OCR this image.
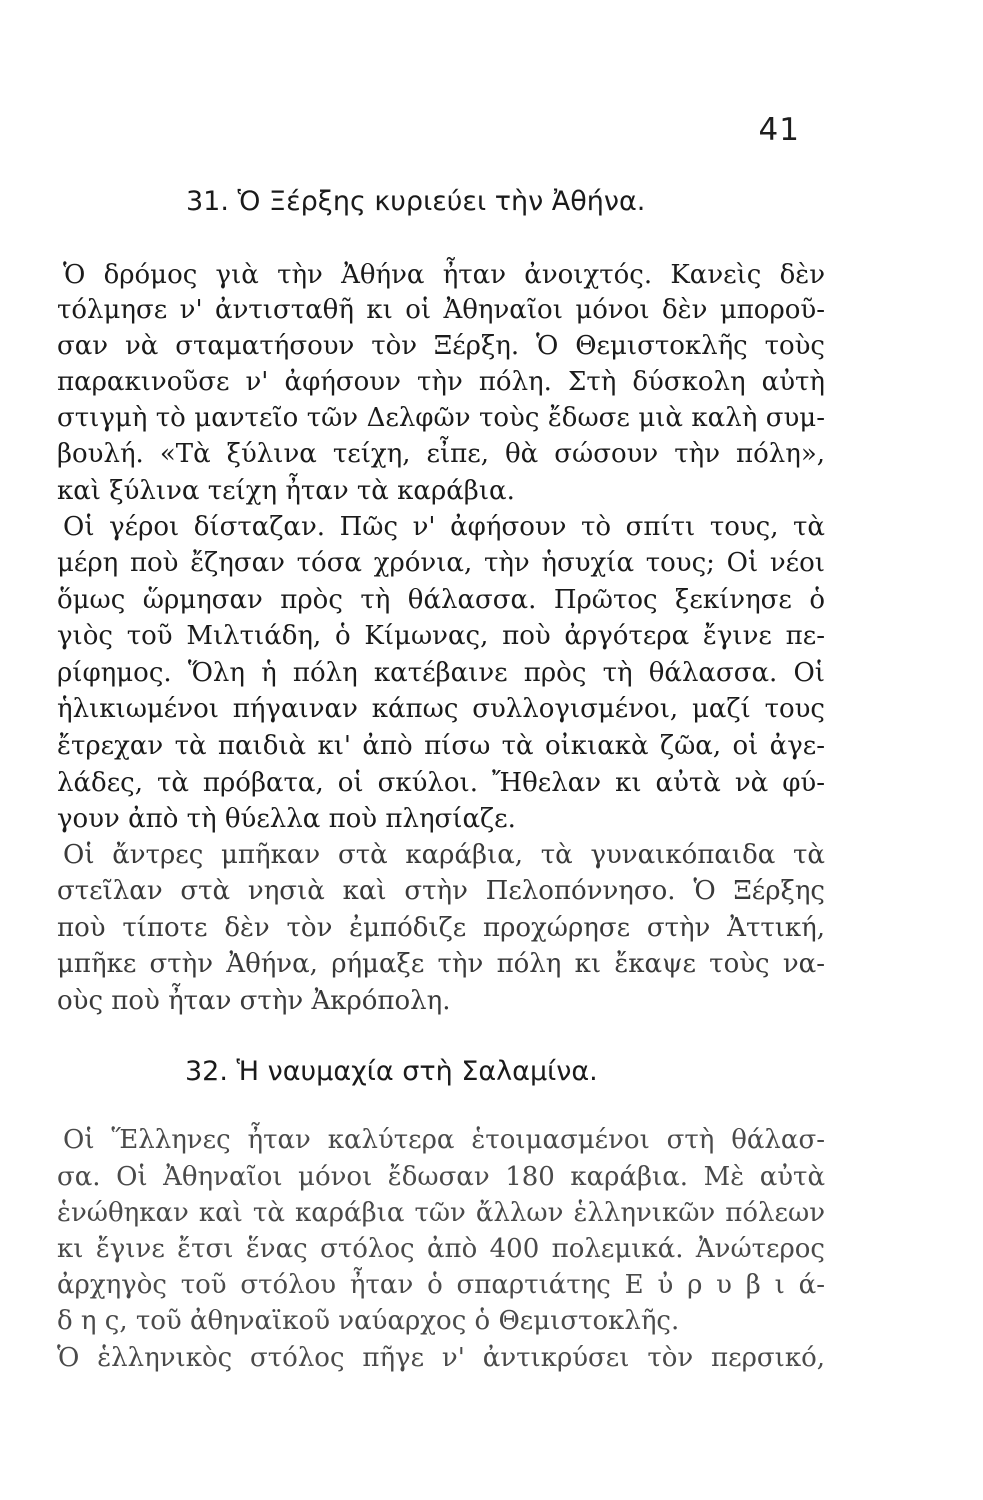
41
31. Ὁ Ξέρξης κυριεύει τὴν Ἀθήνα.
Ὁ δρόμος γιὰ τὴν Ἀθήνα ἦταν ἀνοιχτός. Κανεὶς δὲν
τόλμησε ν' ἀντισταθῆ κι οἱ Ἀθηναῖοι μόνοι δὲν μποροῦ-
σαν νὰ σταματήσουν τὸν Ξέρξη. Ὁ Θεμιστοκλῆς τοὺς
παρακινοῦσε ν' ἀφήσουν τὴν πόλη. Στὴ δύσκολη αὐτὴ
στιγμὴ τὸ μαντεῖο τῶν Δελφῶν τοὺς ἔδωσε μιὰ καλὴ συμ-
βουλή. «Τὰ ξύλινα τείχη, εἶπε, θὰ σώσουν τὴν πόλη»,
καὶ ξύλινα τείχη ἦταν τὰ καράβια.
Οἱ γέροι δίσταζαν. Πῶς ν' ἀφήσουν τὸ σπίτι τους, τὰ
μέρη ποὺ ἔζησαν τόσα χρόνια, τὴν ἡσυχία τους; Οἱ νέοι
ὅμως ὥρμησαν πρὸς τὴ θάλασσα. Πρῶτος ξεκίνησε ὁ
γιὸς τοῦ Μιλτιάδη, ὁ Κίμωνας, ποὺ ἀργότερα ἔγινε πε-
ρίφημος. Ὅλη ἡ πόλη κατέβαινε πρὸς τὴ θάλασσα. Οἱ
ἡλικιωμένοι πήγαιναν κάπως συλλογισμένοι, μαζί τους
ἔτρεχαν τὰ παιδιὰ κι' ἀπὸ πίσω τὰ οἰκιακὰ ζῶα, οἱ ἀγε-
λάδες, τὰ πρόβατα, οἱ σκύλοι. Ἤθελαν κι αὐτὰ νὰ φύ-
γουν ἀπὸ τὴ θύελλα ποὺ πλησίαζε.
Οἱ ἄντρες μπῆκαν στὰ καράβια, τὰ γυναικόπαιδα τὰ
στεῖλαν στὰ νησιὰ καὶ στὴν Πελοπόννησο. Ὁ Ξέρξης
ποὺ τίποτε δὲν τὸν ἐμπόδιζε προχώρησε στὴν Ἀττική,
μπῆκε στὴν Ἀθήνα, ρήμαξε τὴν πόλη κι ἔκαψε τοὺς να-
οὺς ποὺ ἦταν στὴν Ἀκρόπολη.
32. Ἡ ναυμαχία στὴ Σαλαμίνα.
Οἱ Ἕλληνες ἦταν καλύτερα ἑτοιμασμένοι στὴ θάλασ-
σα. Οἱ Ἀθηναῖοι μόνοι ἔδωσαν 180 καράβια. Μὲ αὐτὰ
ἑνώθηκαν καὶ τὰ καράβια τῶν ἄλλων ἑλληνικῶν πόλεων
κι ἔγινε ἔτσι ἕνας στόλος ἀπὸ 400 πολεμικά. Ἀνώτερος
ἀρχηγὸς τοῦ στόλου ἦταν ὁ σπαρτιάτης Ε ὐ ρ υ β ι ά-
δ η ς, τοῦ ἀθηναϊκοῦ ναύαρχος ὁ Θεμιστοκλῆς.
Ὁ ἑλληνικὸς στόλος πῆγε ν' ἀντικρύσει τὸν περσικό,
